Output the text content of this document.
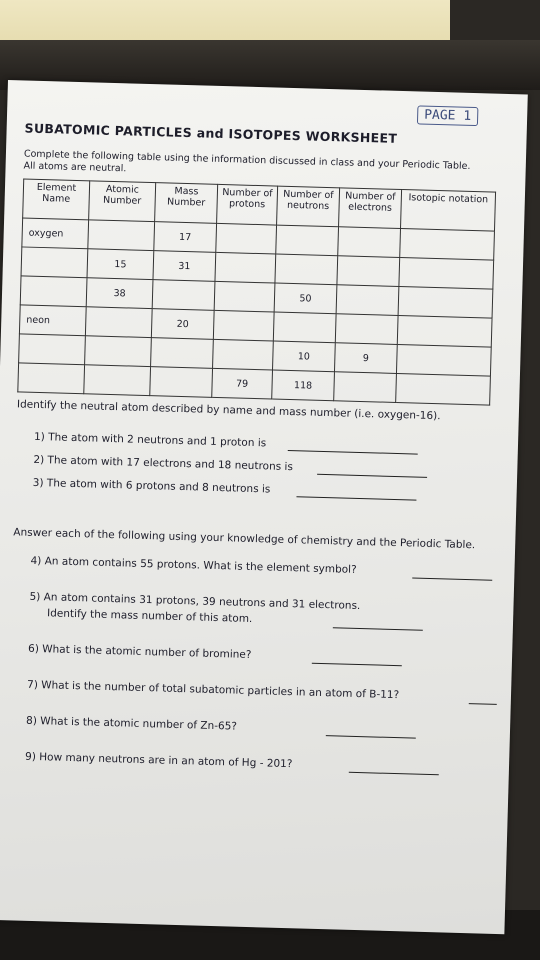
PAGE 1
SUBATOMIC PARTICLES and ISOTOPES WORKSHEET
Complete the following table using the information discussed in class and your Periodic Table. All atoms are neutral.
Element Name	Atomic Number	Mass Number	Number of protons	Number of neutrons	Number of electrons	Isotopic notation
oxygen		17				
	15	31				
	38			50		
neon		20				
				10	9	
			79	118		
Identify the neutral atom described by name and mass number (i.e. oxygen-16).
1) The atom with 2 neutrons and 1 proton is
2) The atom with 17 electrons and 18 neutrons is
3) The atom with 6 protons and 8 neutrons is
Answer each of the following using your knowledge of chemistry and the Periodic Table.
4) An atom contains 55 protons. What is the element symbol?
5) An atom contains 31 protons, 39 neutrons and 31 electrons.
Identify the mass number of this atom.
6) What is the atomic number of bromine?
7) What is the number of total subatomic particles in an atom of B-11?
8) What is the atomic number of Zn-65?
9) How many neutrons are in an atom of Hg - 201?
